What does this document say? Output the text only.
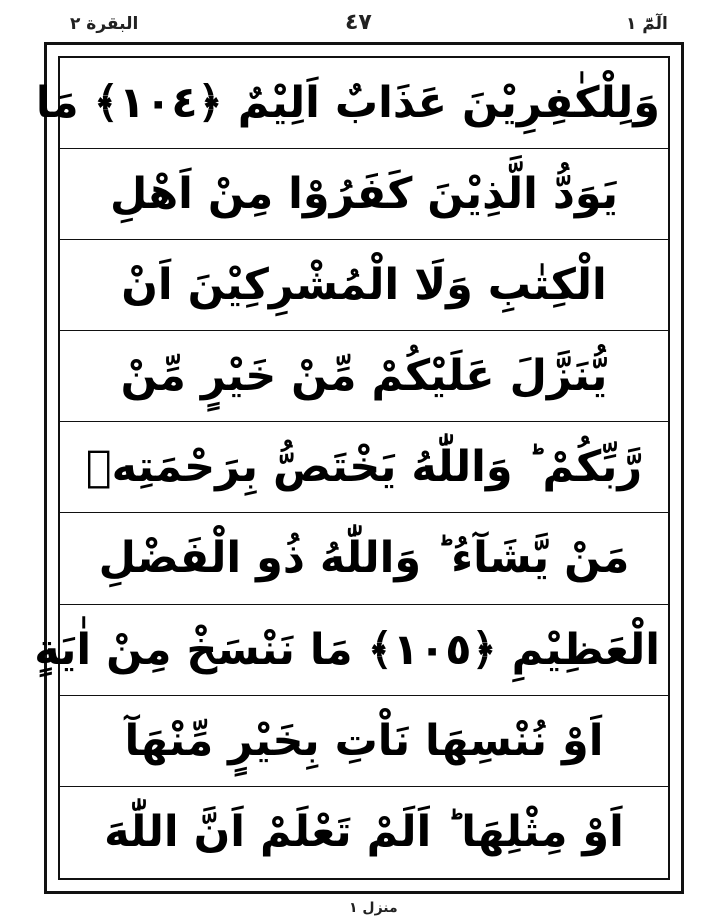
البقرة ٢	٤٧	الٓمّٓ ١
وَلِلْكٰفِرِيْنَ عَذَابٌ اَلِيْمٌ ﴿١٠٤﴾ مَا
يَوَدُّ الَّذِيْنَ كَفَرُوْا مِنْ اَهْلِ
الْكِتٰبِ وَلَا الْمُشْرِكِيْنَ اَنْ
يُّنَزَّلَ عَلَيْكُمْ مِّنْ خَيْرٍ مِّنْ
رَّبِّكُمْ ؕ وَاللّٰهُ يَخْتَصُّ بِرَحْمَتِهٖ
مَنْ يَّشَآءُ ؕ وَاللّٰهُ ذُو الْفَضْلِ
الْعَظِيْمِ ﴿١٠٥﴾ مَا نَنْسَخْ مِنْ اٰيَةٍ
اَوْ نُنْسِهَا نَاْتِ بِخَيْرٍ مِّنْهَآ
اَوْ مِثْلِهَا ؕ اَلَمْ تَعْلَمْ اَنَّ اللّٰهَ
منزل ١
